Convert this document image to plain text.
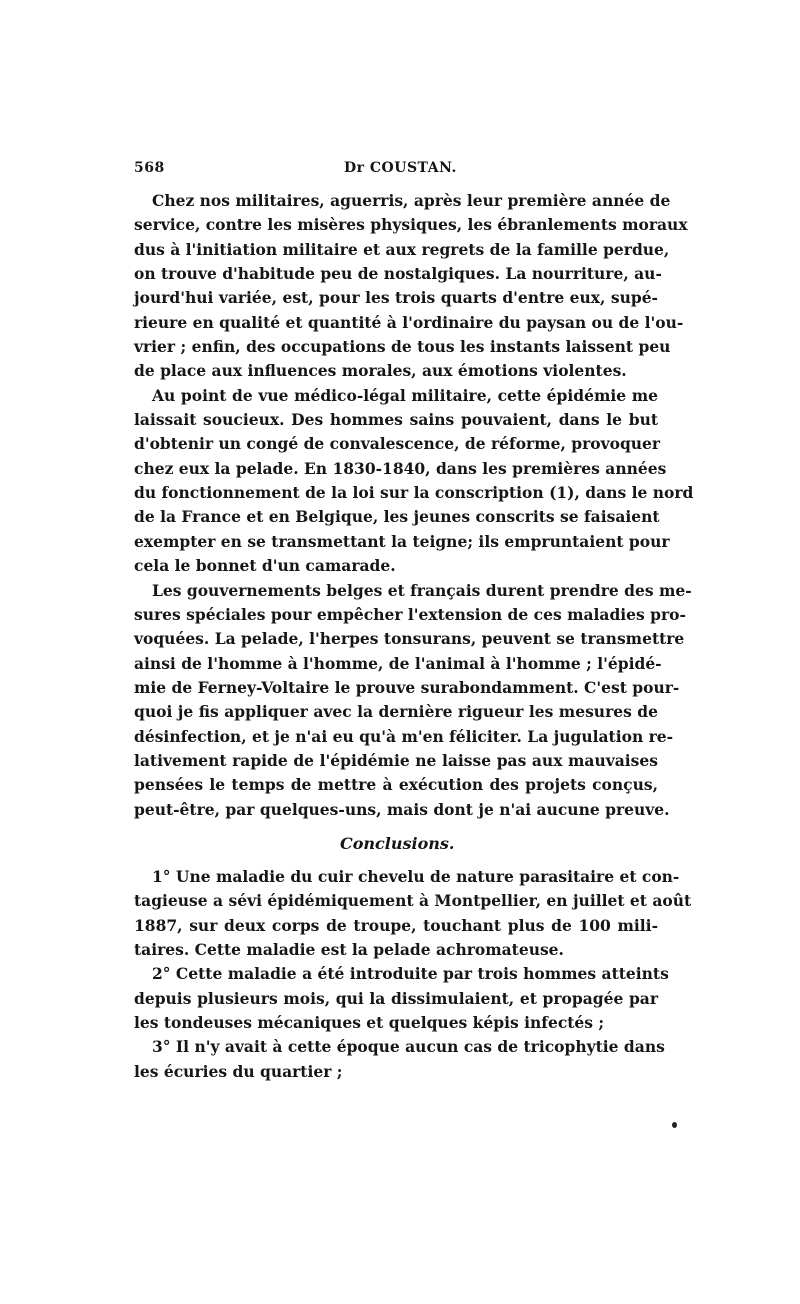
568	Dr COUSTAN.
Chez nos militaires, aguerris, après leur première année de
service, contre les misères physiques, les ébranlements moraux
dus à l'initiation militaire et aux regrets de la famille perdue,
on trouve d'habitude peu de nostalgiques. La nourriture, au-
jourd'hui variée, est, pour les trois quarts d'entre eux, supé-
rieure en qualité et quantité à l'ordinaire du paysan ou de l'ou-
vrier ; enfin, des occupations de tous les instants laissent peu
de place aux influences morales, aux émotions violentes.
Au point de vue médico-légal militaire, cette épidémie me
laissait soucieux. Des hommes sains pouvaient, dans le but
d'obtenir un congé de convalescence, de réforme, provoquer
chez eux la pelade. En 1830-1840, dans les premières années
du fonctionnement de la loi sur la conscription (1), dans le nord
de la France et en Belgique, les jeunes conscrits se faisaient
exempter en se transmettant la teigne; ils empruntaient pour
cela le bonnet d'un camarade.
Les gouvernements belges et français durent prendre des me-
sures spéciales pour empêcher l'extension de ces maladies pro-
voquées. La pelade, l'herpes tonsurans, peuvent se transmettre
ainsi de l'homme à l'homme, de l'animal à l'homme ; l'épidé-
mie de Ferney-Voltaire le prouve surabondamment. C'est pour-
quoi je fis appliquer avec la dernière rigueur les mesures de
désinfection, et je n'ai eu qu'à m'en féliciter. La jugulation re-
lativement rapide de l'épidémie ne laisse pas aux mauvaises
pensées le temps de mettre à exécution des projets conçus,
peut-être, par quelques-uns, mais dont je n'ai aucune preuve.
Conclusions.
1° Une maladie du cuir chevelu de nature parasitaire et con-
tagieuse a sévi épidémiquement à Montpellier, en juillet et août
1887, sur deux corps de troupe, touchant plus de 100 mili-
taires. Cette maladie est la pelade achromateuse.
2° Cette maladie a été introduite par trois hommes atteints
depuis plusieurs mois, qui la dissimulaient, et propagée par
les tondeuses mécaniques et quelques képis infectés ;
3° Il n'y avait à cette époque aucun cas de tricophytie dans
les écuries du quartier ;
